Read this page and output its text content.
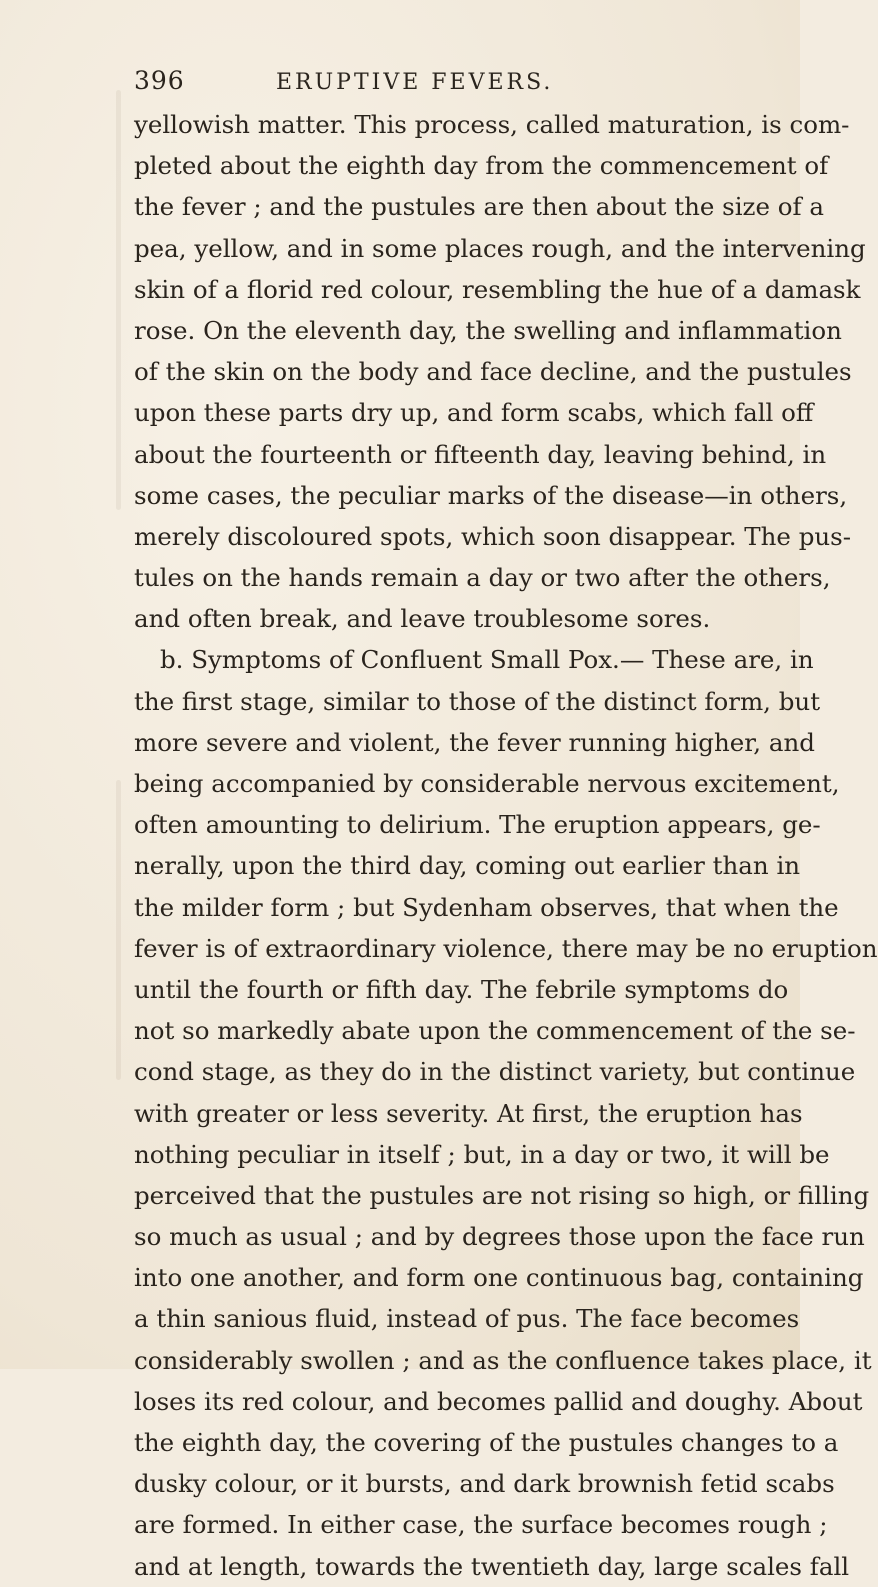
396	ERUPTIVE FEVERS.
yellowish matter. This process, called maturation, is com-
pleted about the eighth day from the commencement of
the fever ; and the pustules are then about the size of a
pea, yellow, and in some places rough, and the intervening
skin of a florid red colour, resembling the hue of a damask
rose. On the eleventh day, the swelling and inflammation
of the skin on the body and face decline, and the pustules
upon these parts dry up, and form scabs, which fall off
about the fourteenth or fifteenth day, leaving behind, in
some cases, the peculiar marks of the disease—in others,
merely discoloured spots, which soon disappear. The pus-
tules on the hands remain a day or two after the others,
and often break, and leave troublesome sores.
b. Symptoms of Confluent Small Pox.— These are, in
the first stage, similar to those of the distinct form, but
more severe and violent, the fever running higher, and
being accompanied by considerable nervous excitement,
often amounting to delirium. The eruption appears, ge-
nerally, upon the third day, coming out earlier than in
the milder form ; but Sydenham observes, that when the
fever is of extraordinary violence, there may be no eruption
until the fourth or fifth day. The febrile symptoms do
not so markedly abate upon the commencement of the se-
cond stage, as they do in the distinct variety, but continue
with greater or less severity. At first, the eruption has
nothing peculiar in itself ; but, in a day or two, it will be
perceived that the pustules are not rising so high, or filling
so much as usual ; and by degrees those upon the face run
into one another, and form one continuous bag, containing
a thin sanious fluid, instead of pus. The face becomes
considerably swollen ; and as the confluence takes place, it
loses its red colour, and becomes pallid and doughy. About
the eighth day, the covering of the pustules changes to a
dusky colour, or it bursts, and dark brownish fetid scabs
are formed. In either case, the surface becomes rough ;
and at length, towards the twentieth day, large scales fall
